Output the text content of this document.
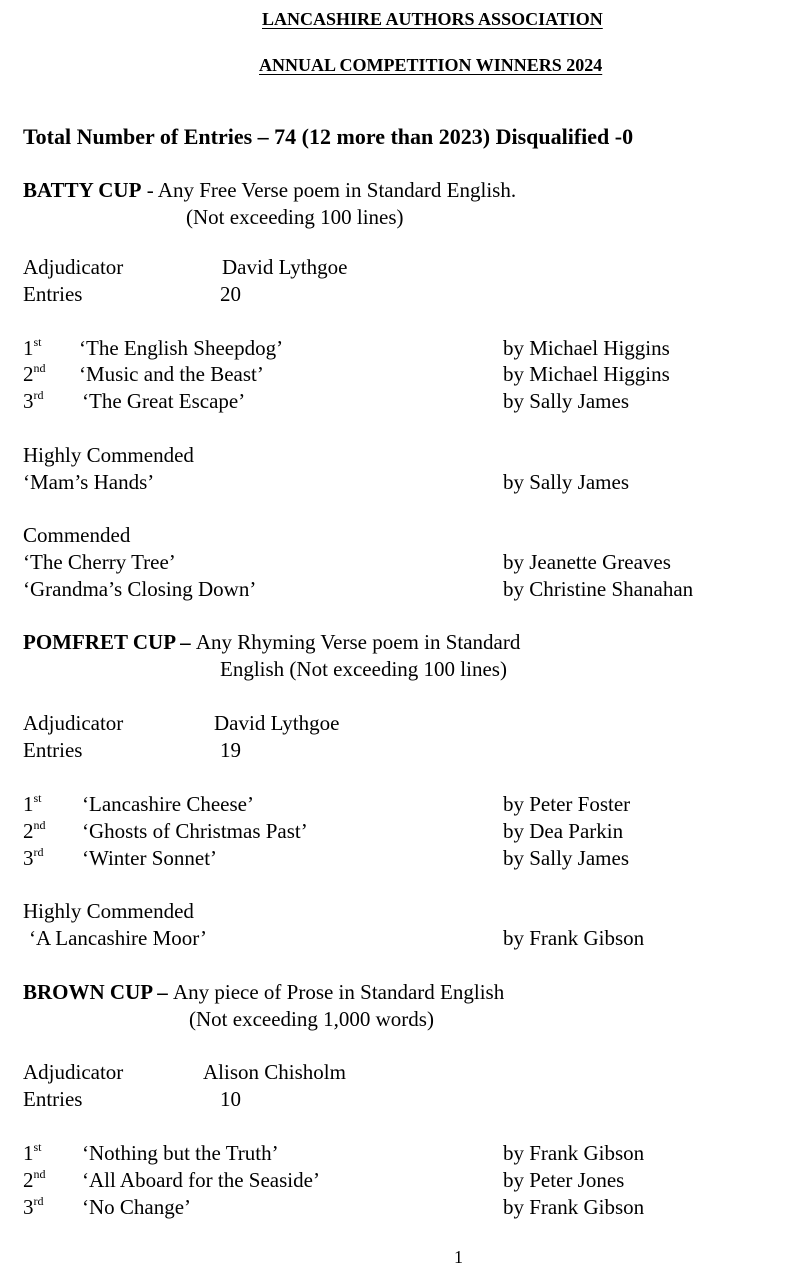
LANCASHIRE AUTHORS ASSOCIATION
ANNUAL COMPETITION WINNERS 2024
Total Number of Entries – 74 (12 more than 2023) Disqualified -0
BATTY CUP - Any Free Verse poem in Standard English.
(Not exceeding 100 lines)
Adjudicator	David Lythgoe
Entries	20
1st ‘The English Sheepdog’	by Michael Higgins
2nd ‘Music and the Beast’	by Michael Higgins
3rd ‘The Great Escape’	by Sally James
Highly Commended
‘Mam’s Hands’	by Sally James
Commended
‘The Cherry Tree’	by Jeanette Greaves
‘Grandma’s Closing Down’	by Christine Shanahan
POMFRET CUP – Any Rhyming Verse poem in Standard
English (Not exceeding 100 lines)
Adjudicator	David Lythgoe
Entries	19
1st ‘Lancashire Cheese’	by Peter Foster
2nd ‘Ghosts of Christmas Past’	by Dea Parkin
3rd ‘Winter Sonnet’	by Sally James
Highly Commended
‘A Lancashire Moor’	by Frank Gibson
BROWN CUP – Any piece of Prose in Standard English
(Not exceeding 1,000 words)
Adjudicator	Alison Chisholm
Entries	10
1st ‘Nothing but the Truth’	by Frank Gibson
2nd ‘All Aboard for the Seaside’	by Peter Jones
3rd ‘No Change’	by Frank Gibson
1
